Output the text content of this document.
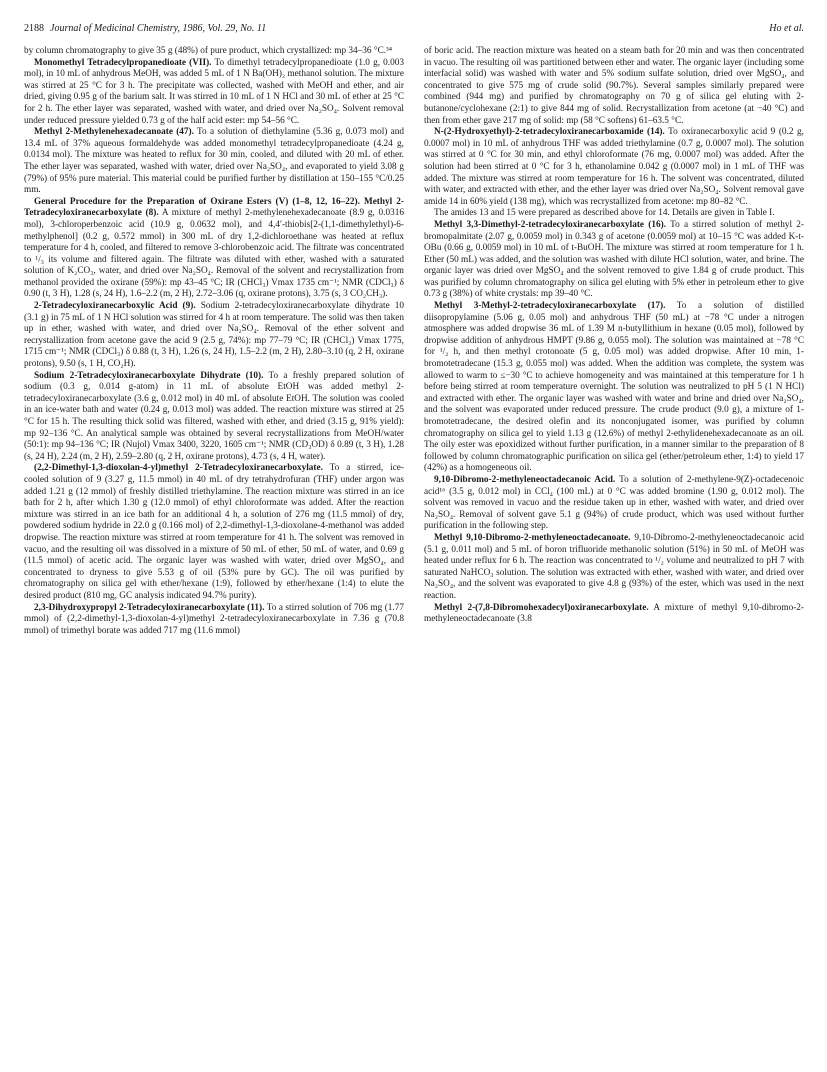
2188 Journal of Medicinal Chemistry, 1986, Vol. 29, No. 11	Ho et al.

by column chromatography to give 35 g (48%) of pure product, which crystallized: mp 34–36 °C.³⁴

Monomethyl Tetradecylpropanedioate (VII). To dimethyl tetradecylpropanedioate (1.0 g, 0.003 mol), in 10 mL of anhydrous MeOH, was added 5 mL of 1 N Ba(OH)₂ methanol solution. The mixture was stirred at 25 °C for 3 h. The precipitate was collected, washed with MeOH and ether, and air dried, giving 0.95 g of the barium salt. It was stirred in 10 mL of 1 N HCl and 30 mL of ether at 25 °C for 2 h. The ether layer was separated, washed with water, and dried over Na₂SO₄. Solvent removal under reduced pressure yielded 0.73 g of the half acid ester: mp 54–56 °C.

Methyl 2-Methylenehexadecanoate (47). To a solution of diethylamine (5.36 g, 0.073 mol) and 13.4 mL of 37% aqueous formaldehyde was added monomethyl tetradecylpropanedioate (4.24 g, 0.0134 mol). The mixture was heated to reflux for 30 min, cooled, and diluted with 20 mL of ether. The ether layer was separated, washed with water, dried over Na₂SO₄, and evaporated to yield 3.08 g (79%) of 95% pure material. This material could be purified further by distillation at 150–155 °C/0.25 mm.

General Procedure for the Preparation of Oxirane Esters (V) (1–8, 12, 16–22). Methyl 2-Tetradecyloxiranecarboxylate (8). A mixture of methyl 2-methylenehexadecanoate (8.9 g, 0.0316 mol), 3-chloroperbenzoic acid (10.9 g, 0.0632 mol), and 4,4′-thiobis[2-(1,1-dimethylethyl)-6-methylphenol] (0.2 g, 0.572 mmol) in 300 mL of dry 1,2-dichloroethane was heated at reflux temperature for 4 h, cooled, and filtered to remove 3-chlorobenzoic acid. The filtrate was concentrated to ¹/₃ its volume and filtered again. The filtrate was diluted with ether, washed with a saturated solution of K₂CO₃, water, and dried over Na₂SO₄. Removal of the solvent and recrystallization from methanol provided the oxirane (59%): mp 43–45 °C; IR (CHCl₃) Vmax 1735 cm⁻¹; NMR (CDCl₃) δ 0.90 (t, 3 H), 1.28 (s, 24 H), 1.6–2.2 (m, 2 H), 2.72–3.06 (q, oxirane protons), 3.75 (s, 3 CO₂CH₃).

2-Tetradecyloxiranecarboxylic Acid (9). Sodium 2-tetradecyloxiranecarboxylate dihydrate 10 (3.1 g) in 75 mL of 1 N HCl solution was stirred for 4 h at room temperature. The solid was then taken up in ether, washed with water, and dried over Na₂SO₄. Removal of the ether solvent and recrystallization from acetone gave the acid 9 (2.5 g, 74%): mp 77–79 °C; IR (CHCl₃) Vmax 1775, 1715 cm⁻¹; NMR (CDCl₃) δ 0.88 (t, 3 H), 1.26 (s, 24 H), 1.5–2.2 (m, 2 H), 2.80–3.10 (q, 2 H, oxirane protons), 9.50 (s, 1 H, CO₂H).

Sodium 2-Tetradecyloxiranecarboxylate Dihydrate (10). To a freshly prepared solution of sodium (0.3 g, 0.014 g-atom) in 11 mL of absolute EtOH was added methyl 2-tetradecyloxiranecarboxylate (3.6 g, 0.012 mol) in 40 mL of absolute EtOH. The solution was cooled in an ice-water bath and water (0.24 g, 0.013 mol) was added. The reaction mixture was stirred at 25 °C for 15 h. The resulting thick solid was filtered, washed with ether, and dried (3.15 g, 91% yield): mp 92–136 °C. An analytical sample was obtained by several recrystallizations from MeOH/water (50:1): mp 94–136 °C; IR (Nujol) Vmax 3400, 3220, 1605 cm⁻¹; NMR (CD₃OD) δ 0.89 (t, 3 H), 1.28 (s, 24 H), 2.24 (m, 2 H), 2.59–2.80 (q, 2 H, oxirane protons), 4.73 (s, 4 H, water).

(2,2-Dimethyl-1,3-dioxolan-4-yl)methyl 2-Tetradecyloxiranecarboxylate. To a stirred, ice-cooled solution of 9 (3.27 g, 11.5 mmol) in 40 mL of dry tetrahydrofuran (THF) under argon was added 1.21 g (12 mmol) of freshly distilled triethylamine. The reaction mixture was stirred in an ice bath for 2 h, after which 1.30 g (12.0 mmol) of ethyl chloroformate was added. After the reaction mixture was stirred in an ice bath for an additional 4 h, a solution of 276 mg (11.5 mmol) of dry, powdered sodium hydride in 22.0 g (0.166 mol) of 2,2-dimethyl-1,3-dioxolane-4-methanol was added dropwise. The reaction mixture was stirred at room temperature for 41 h. The solvent was removed in vacuo, and the resulting oil was dissolved in a mixture of 50 mL of ether, 50 mL of water, and 0.69 g (11.5 mmol) of acetic acid. The organic layer was washed with water, dried over MgSO₄, and concentrated to dryness to give 5.53 g of oil (53% pure by GC). The oil was purified by chromatography on silica gel with ether/hexane (1:9), followed by ether/hexane (1:4) to elute the desired product (810 mg, GC analysis indicated 94.7% purity).

2,3-Dihydroxypropyl 2-Tetradecyloxiranecarboxylate (11). To a stirred solution of 706 mg (1.77 mmol) of (2,2-dimethyl-1,3-dioxolan-4-yl)methyl 2-tetradecyloxiranecarboxylate in 7.36 g (70.8 mmol) of trimethyl borate was added 717 mg (11.6 mmol)

of boric acid. The reaction mixture was heated on a steam bath for 20 min and was then concentrated in vacuo. The resulting oil was partitioned between ether and water. The organic layer (including some interfacial solid) was washed with water and 5% sodium sulfate solution, dried over MgSO₄, and concentrated to give 575 mg of crude solid (90.7%). Several samples similarly prepared were combined (944 mg) and purified by chromatography on 70 g of silica gel eluting with 2-butanone/cyclohexane (2:1) to give 844 mg of solid. Recrystallization from acetone (at −40 °C) and then from ether gave 217 mg of solid: mp (58 °C softens) 61–63.5 °C.

N-(2-Hydroxyethyl)-2-tetradecyloxiranecarboxamide (14). To oxiranecarboxylic acid 9 (0.2 g, 0.0007 mol) in 10 mL of anhydrous THF was added triethylamine (0.7 g, 0.0007 mol). The solution was stirred at 0 °C for 30 min, and ethyl chloroformate (76 mg, 0.0007 mol) was added. After the solution had been stirred at 0 °C for 3 h, ethanolamine 0.042 g (0.0007 mol) in 1 mL of THF was added. The mixture was stirred at room temperature for 16 h. The solvent was concentrated, diluted with water, and extracted with ether, and the ether layer was dried over Na₂SO₄. Solvent removal gave amide 14 in 60% yield (138 mg), which was recrystallized from acetone: mp 80–82 °C.

The amides 13 and 15 were prepared as described above for 14. Details are given in Table I.

Methyl 3,3-Dimethyl-2-tetradecyloxiranecarboxylate (16). To a stirred solution of methyl 2-bromopalmitate (2.07 g, 0.0059 mol) in 0.343 g of acetone (0.0059 mol) at 10–15 °C was added K-t-OBu (0.66 g, 0.0059 mol) in 10 mL of t-BuOH. The mixture was stirred at room temperature for 1 h. Ether (50 mL) was added, and the solution was washed with dilute HCl solution, water, and brine. The organic layer was dried over MgSO₄ and the solvent removed to give 1.84 g of crude product. This was purified by column chromatography on silica gel eluting with 5% ether in petroleum ether to give 0.73 g (38%) of white crystals: mp 39–40 °C.

Methyl 3-Methyl-2-tetradecyloxiranecarboxylate (17). To a solution of distilled diisopropylamine (5.06 g, 0.05 mol) and anhydrous THF (50 mL) at −78 °C under a nitrogen atmosphere was added dropwise 36 mL of 1.39 M n-butyllithium in hexane (0.05 mol), followed by dropwise addition of anhydrous HMPT (9.86 g, 0.055 mol). The solution was maintained at −78 °C for ¹/₂ h, and then methyl crotonoate (5 g, 0.05 mol) was added dropwise. After 10 min, 1-bromotetradecane (15.3 g, 0.055 mol) was added. When the addition was complete, the system was allowed to warm to ≤−30 °C to achieve homogeneity and was maintained at this temperature for 1 h before being stirred at room temperature overnight. The solution was neutralized to pH 5 (1 N HCl) and extracted with ether. The organic layer was washed with water and brine and dried over Na₂SO₄, and the solvent was evaporated under reduced pressure. The crude product (9.0 g), a mixture of 1-bromotetradecane, the desired olefin and its nonconjugated isomer, was purified by column chromatography on silica gel to yield 1.13 g (12.6%) of methyl 2-ethylidenehexadecanoate as an oil. The oily ester was epoxidized without further purification, in a manner similar to the preparation of 8 followed by column chromatographic purification on silica gel (ether/petroleum ether, 1:4) to yield 17 (42%) as a homogeneous oil.

9,10-Dibromo-2-methyleneoctadecanoic Acid. To a solution of 2-methylene-9(Z)-octadecenoic acid¹⁶ (3.5 g, 0.012 mol) in CCl₄ (100 mL) at 0 °C was added bromine (1.90 g, 0.012 mol). The solvent was removed in vacuo and the residue taken up in ether, washed with water, and dried over Na₂SO₄. Removal of solvent gave 5.1 g (94%) of crude product, which was used without further purification in the following step.

Methyl 9,10-Dibromo-2-methyleneoctadecanoate. 9,10-Dibromo-2-methyleneoctadecanoic acid (5.1 g, 0.011 mol) and 5 mL of boron trifluoride methanolic solution (51%) in 50 mL of MeOH was heated under reflux for 6 h. The reaction was concentrated to ¹/₂ volume and neutralized to pH 7 with saturated NaHCO₃ solution. The solution was extracted with ether, washed with water, and dried over Na₂SO₄, and the solvent was evaporated to give 4.8 g (93%) of the ester, which was used in the next reaction.

Methyl 2-(7,8-Dibromohexadecyl)oxiranecarboxylate. A mixture of methyl 9,10-dibromo-2-methyleneoctadecanoate (3.8
